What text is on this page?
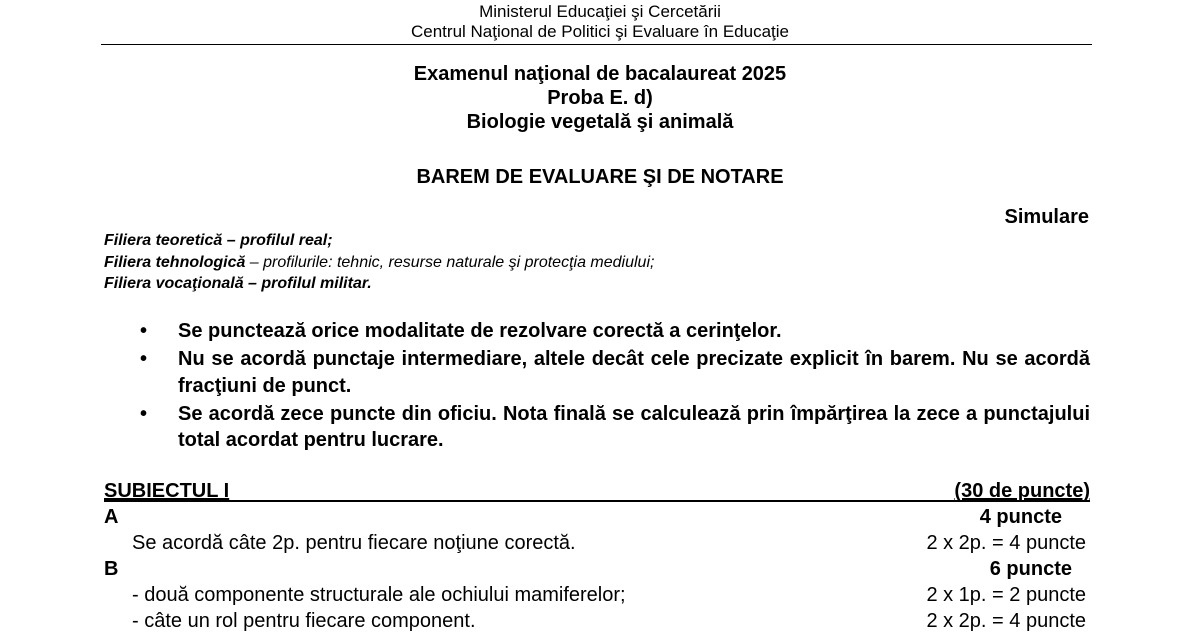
Ministerul Educaţiei şi Cercetării
Centrul Naţional de Politici şi Evaluare în Educaţie
Examenul naţional de bacalaureat 2025
Proba E. d)
Biologie vegetală şi animală
BAREM DE EVALUARE ŞI DE NOTARE
Simulare
Filiera teoretică – profilul real;
Filiera tehnologică – profilurile: tehnic, resurse naturale şi protecţia mediului;
Filiera vocaţională – profilul militar.
• Se punctează orice modalitate de rezolvare corectă a cerinţelor.
• Nu se acordă punctaje intermediare, altele decât cele precizate explicit în barem. Nu se acordă fracţiuni de punct.
• Se acordă zece puncte din oficiu. Nota finală se calculează prin împărţirea la zece a punctajului total acordat pentru lucrare.
SUBIECTUL I	(30 de puncte)
A	4 puncte
Se acordă câte 2p. pentru fiecare noţiune corectă.	2 x 2p. = 4 puncte
B	6 puncte
- două componente structurale ale ochiului mamiferelor;	2 x 1p. = 2 puncte
- câte un rol pentru fiecare component.	2 x 2p. = 4 puncte
